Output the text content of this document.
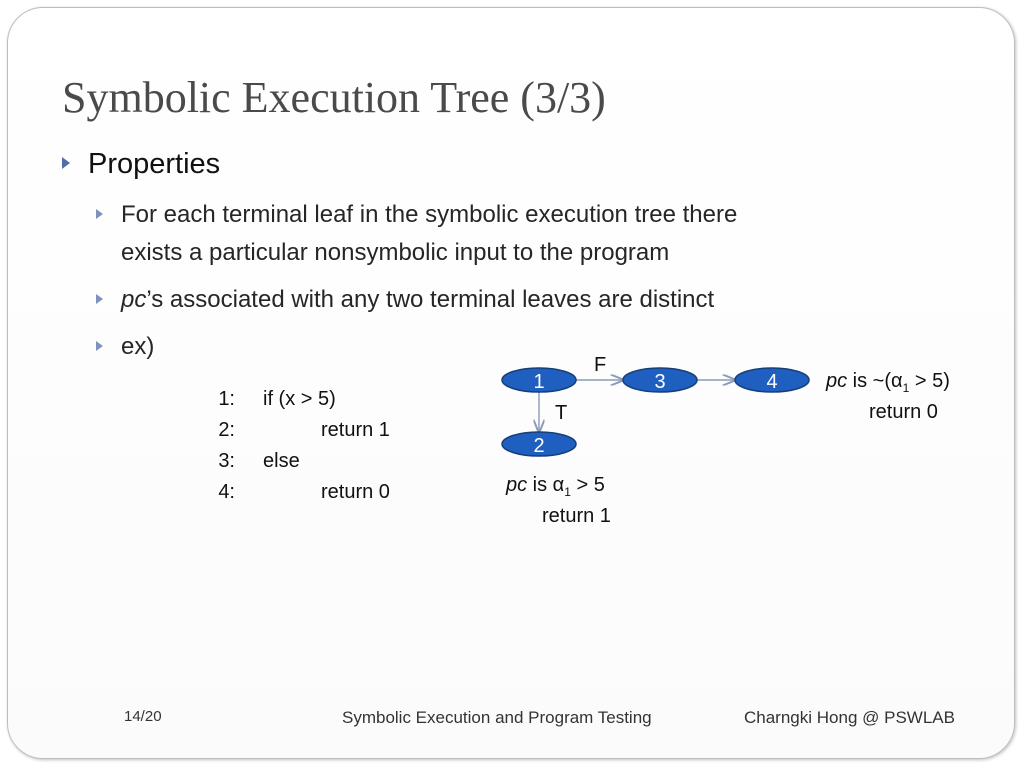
Symbolic Execution Tree (3/3)
Properties
For each terminal leaf in the symbolic execution tree there
exists a particular nonsymbolic input to the program
pc’s associated with any two terminal leaves are distinct
ex)
1: if (x > 5)
2:	return 1
3: else
4:	return 0
1	3	4
2
F
T
pc is $\sim(\alpha_1 > 5)$
return 0
pc is $\alpha_1 > 5$
return 1
14/20	Symbolic Execution and Program Testing	Charngki Hong @ PSWLAB
